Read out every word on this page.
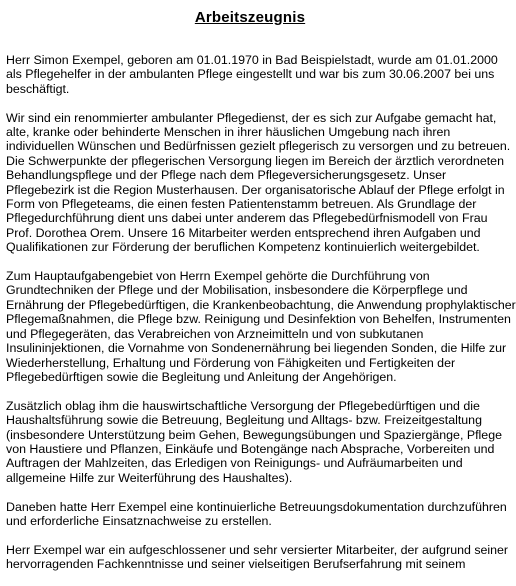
Arbeitszeugnis
Herr Simon Exempel, geboren am 01.01.1970 in Bad Beispielstadt, wurde am 01.01.2000
als Pflegehelfer in der ambulanten Pflege eingestellt und war bis zum 30.06.2007 bei uns
beschäftigt.
Wir sind ein renommierter ambulanter Pflegedienst, der es sich zur Aufgabe gemacht hat,
alte, kranke oder behinderte Menschen in ihrer häuslichen Umgebung nach ihren
individuellen Wünschen und Bedürfnissen gezielt pflegerisch zu versorgen und zu betreuen.
Die Schwerpunkte der pflegerischen Versorgung liegen im Bereich der ärztlich verordneten
Behandlungspflege und der Pflege nach dem Pflegeversicherungsgesetz. Unser
Pflegebezirk ist die Region Musterhausen. Der organisatorische Ablauf der Pflege erfolgt in
Form von Pflegeteams, die einen festen Patientenstamm betreuen. Als Grundlage der
Pflegedurchführung dient uns dabei unter anderem das Pflegebedürfnismodell von Frau
Prof. Dorothea Orem. Unsere 16 Mitarbeiter werden entsprechend ihren Aufgaben und
Qualifikationen zur Förderung der beruflichen Kompetenz kontinuierlich weitergebildet.
Zum Hauptaufgabengebiet von Herrn Exempel gehörte die Durchführung von
Grundtechniken der Pflege und der Mobilisation, insbesondere die Körperpflege und
Ernährung der Pflegebedürftigen, die Krankenbeobachtung, die Anwendung prophylaktischer
Pflegemaßnahmen, die Pflege bzw. Reinigung und Desinfektion von Behelfen, Instrumenten
und Pflegegeräten, das Verabreichen von Arzneimitteln und von subkutanen
Insulininjektionen, die Vornahme von Sondenernährung bei liegenden Sonden, die Hilfe zur
Wiederherstellung, Erhaltung und Förderung von Fähigkeiten und Fertigkeiten der
Pflegebedürftigen sowie die Begleitung und Anleitung der Angehörigen.
Zusätzlich oblag ihm die hauswirtschaftliche Versorgung der Pflegebedürftigen und die
Haushaltsführung sowie die Betreuung, Begleitung und Alltags- bzw. Freizeitgestaltung
(insbesondere Unterstützung beim Gehen, Bewegungsübungen und Spaziergänge, Pflege
von Haustiere und Pflanzen, Einkäufe und Botengänge nach Absprache, Vorbereiten und
Auftragen der Mahlzeiten, das Erledigen von Reinigungs- und Aufräumarbeiten und
allgemeine Hilfe zur Weiterführung des Haushaltes).
Daneben hatte Herr Exempel eine kontinuierliche Betreuungsdokumentation durchzuführen
und erforderliche Einsatznachweise zu erstellen.
Herr Exempel war ein aufgeschlossener und sehr versierter Mitarbeiter, der aufgrund seiner
hervorragenden Fachkenntnisse und seiner vielseitigen Berufserfahrung mit seinem
